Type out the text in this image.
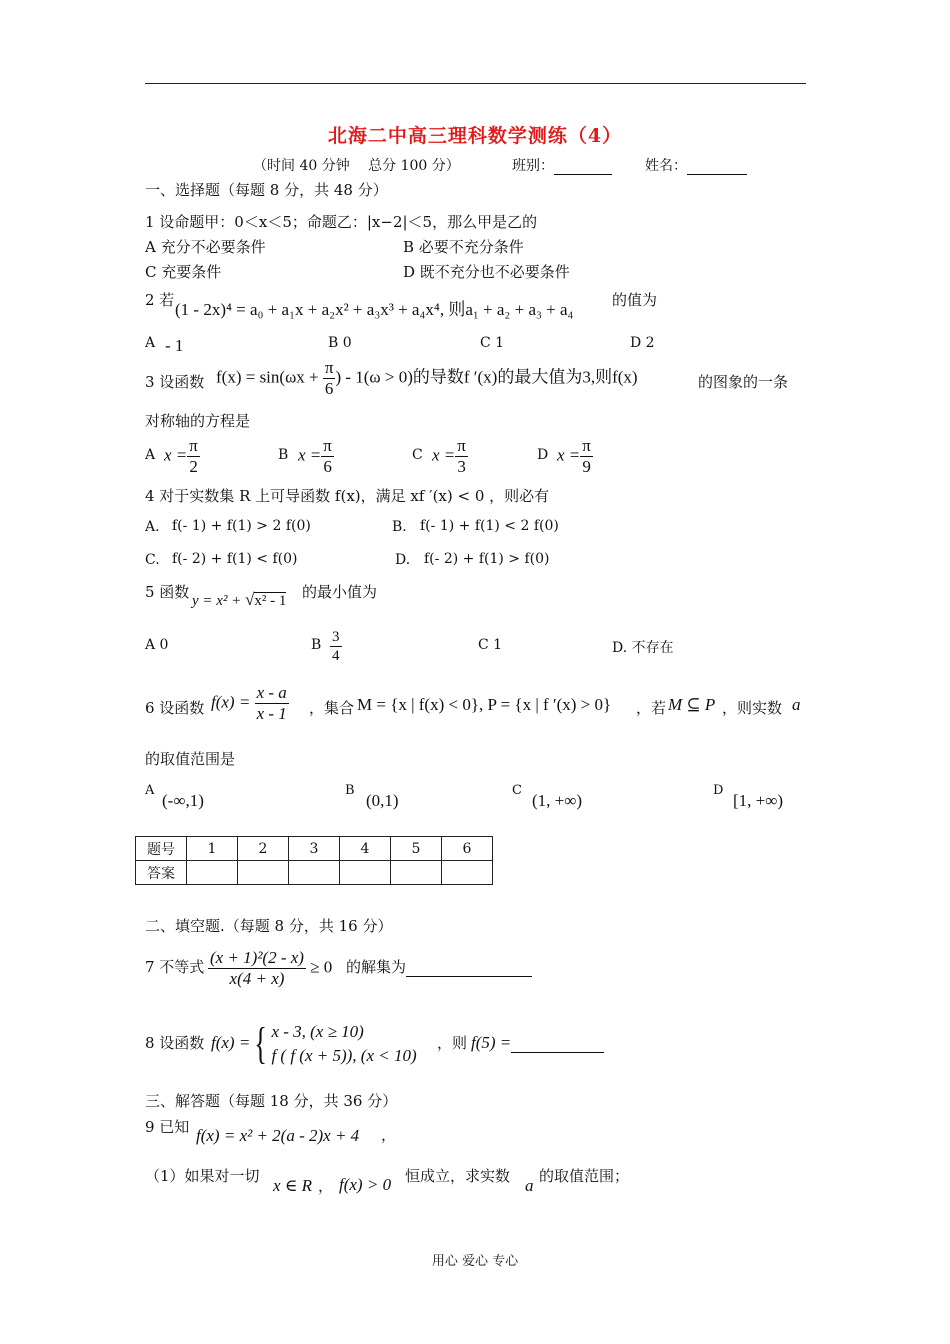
北海二中高三理科数学测练（4）
（时间 40 分钟　 总分 100 分）	班别：	姓名：
一、选择题（每题 8 分，共 48 分）
1 设命题甲：0＜x＜5；命题乙：|x−2|＜5，那么甲是乙的
A 充分不必要条件	B 必要不充分条件
C 充要条件	D 既不充分也不必要条件
2 若 (1 - 2x)⁴ = a₀ + a₁x + a₂x² + a₃x³ + a₄x⁴, 则a₁ + a₂ + a₃ + a₄	的值为
A - 1	B 0	C 1	D 2
3 设函数 $f(x) = \sin(\omega x + \frac{\pi}{6}$ ) - 1(ω > 0)的导数f ′(x)的最大值为3,则f(x)	的图象的一条
对称轴的方程是
A $x = \frac{\pi}{2}$	B $x = \frac{\pi}{6}$	C $x = \frac{\pi}{3}$	D $x = \frac{\pi}{9}$
4 对于实数集 R 上可导函数 f(x)，满足 xf ′(x) < 0 ，则必有
A. f(- 1) + f(1) > 2 f(0)	B. f(- 1) + f(1) < 2 f(0)
C. f(- 2) + f(1) < f(0)	D. f(- 2) + f(1) > f(0)
5 函数 y = x² + √x² - 1 的最小值为
A 0	B $\frac{3}{4}$	C 1	D. 不存在
6 设函数 $f(x) = \frac{x - a}{x - 1}$ ，集合 M = {x | f(x) < 0}, P = {x | f ′(x) > 0} ，若 M ⊆ P ，则实数 a
的取值范围是
A
(-∞,1)
B
(0,1)
C
(1, +∞)
D
[1, +∞)
题号	1	2	3	4	5	6
答案						
二、填空题.（每题 8 分，共 16 分）
7 不等式 $\frac{\text{(x + 1)²(2 - x)}}{x(4 + x)} \ge 0$ 的解集为
8 设函数 f(x) ={ x - 3, (x ≥ 10)
f ( f (x + 5)), (x < 10)
，则 f(5) =
三、解答题（每题 18 分，共 36 分）
9 已知 f(x) = x² + 2(a - 2)x + 4 ，
（1）如果对一切 x ∈ R ， f(x) > 0 恒成立，求实数 a 的取值范围；
用心 爱心 专心
